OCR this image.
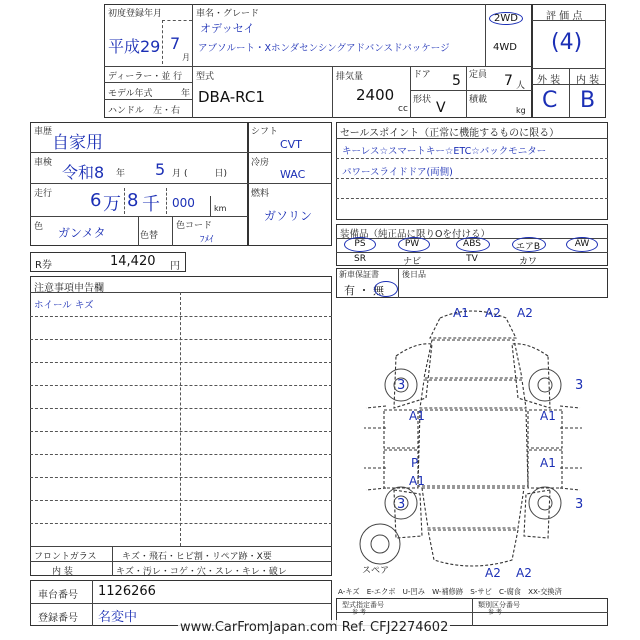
初度登録年月
平成29 7
月
車名・グレード
オデッセイ
アブソルート・Xホンダセンシングアドバンスドパッケージ
2WD
4WD
ディーラー・並 行
モデル年式	年
ハンドル　左・右
型式
DBA-RC1
排気量
2400
cc
ドア 5
形状 V
定員 7 人
積載
kg
評 価 点
(4)
外 装 内 装
C B
車歴
自家用
車検 令和8 年 5 月 (　　　日)
走行 6 万 8 千 000 km
色 ガンメタ	色替
色コード
ﾌﾒｲ
シフト
CVT
冷房
WAC
燃料
ガソリン
R券	14,420 円
セールスポイント（正常に機能するものに限る）
キーレス☆スマートキー☆ETC☆バックモニター
パワースライドドア(両側)
装備品（純正品に限りOを付ける）
PS	PW	ABS	エアB	AW
SR	ナビ	TV	カワ
新車保証書
有 ・ 無
後日品
注意事項申告欄
ホイール キズ
フロントガラス	キズ・飛石・ヒビ割・リペア跡・X要
内 装	キズ・汚レ・コゲ・穴・スレ・キレ・破レ
A1 A2 A2
3	3
A1	A1
P
A1
A1
3	3
A2 A2
スペア
A-キズ　E-エクボ　U-凹み　W-補修跡　S-サビ　C-腐食　XX-交換済
車台番号 1126266
登録番号 名変中
型式指定番号
参 考
類別区分番号
参 考
www.CarFromJapan.com Ref. CFJ2274602
